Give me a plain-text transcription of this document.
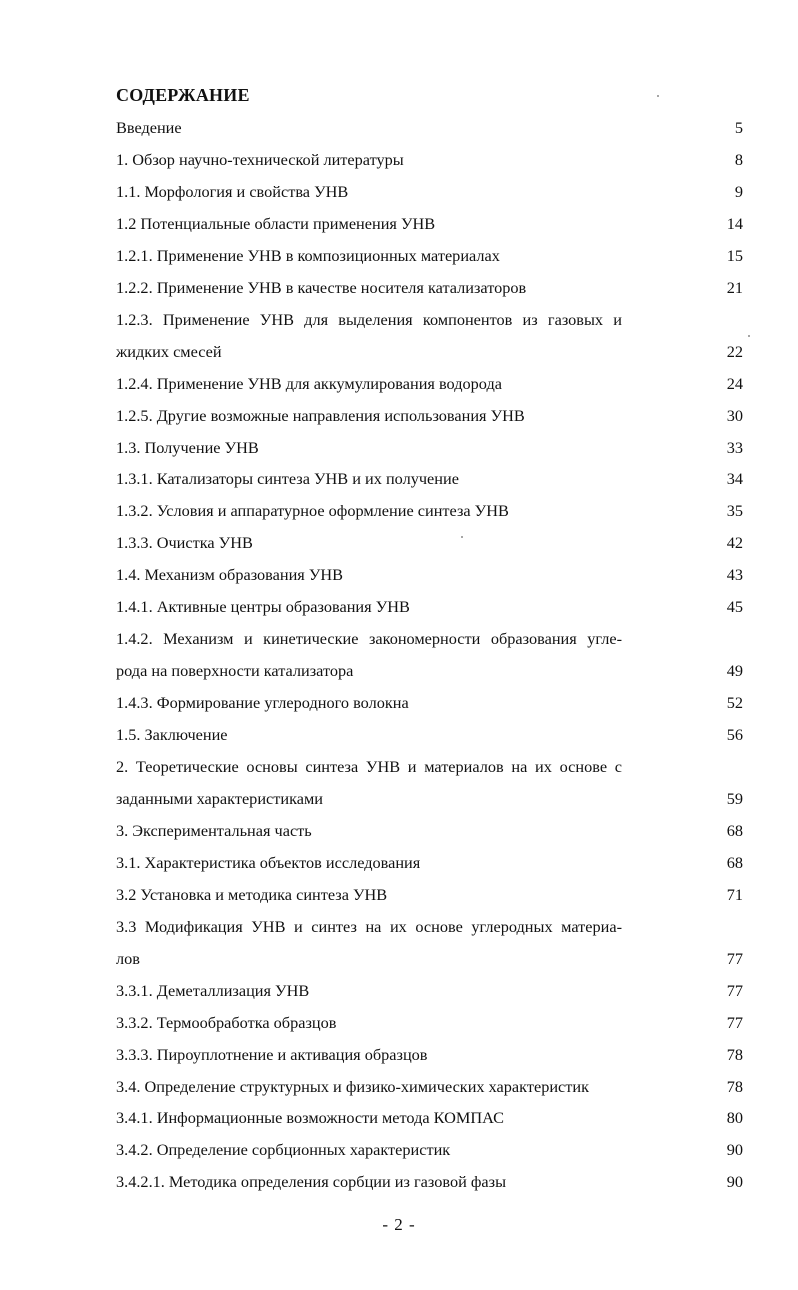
СОДЕРЖАНИЕ
Введение	5
1. Обзор научно-технической литературы	8
1.1. Морфология и свойства УНВ	9
1.2 Потенциальные области применения УНВ	14
1.2.1. Применение УНВ в композиционных материалах	15
1.2.2. Применение УНВ в качестве носителя катализаторов	21
1.2.3. Применение УНВ для выделения компонентов из газовых и
жидких смесей	22
1.2.4. Применение УНВ для аккумулирования водорода	24
1.2.5. Другие возможные направления использования УНВ	30
1.3. Получение УНВ	33
1.3.1. Катализаторы синтеза УНВ и их получение	34
1.3.2. Условия и аппаратурное оформление синтеза УНВ	35
1.3.3. Очистка УНВ	42
1.4. Механизм образования УНВ	43
1.4.1. Активные центры образования УНВ	45
1.4.2. Механизм и кинетические закономерности образования угле-
рода на поверхности катализатора	49
1.4.3. Формирование углеродного волокна	52
1.5. Заключение	56
2. Теоретические основы синтеза УНВ и материалов на их основе с
заданными характеристиками	59
3. Экспериментальная часть	68
3.1. Характеристика объектов исследования	68
3.2 Установка и методика синтеза УНВ	71
3.3 Модификация УНВ и синтез на их основе углеродных материа-
лов	77
3.3.1. Деметаллизация УНВ	77
3.3.2. Термообработка образцов	77
3.3.3. Пироуплотнение и активация образцов	78
3.4. Определение структурных и физико-химических характеристик	78
3.4.1. Информационные возможности метода КОМПАС	80
3.4.2. Определение сорбционных характеристик	90
3.4.2.1. Методика определения сорбции из газовой фазы	90
- 2 -
